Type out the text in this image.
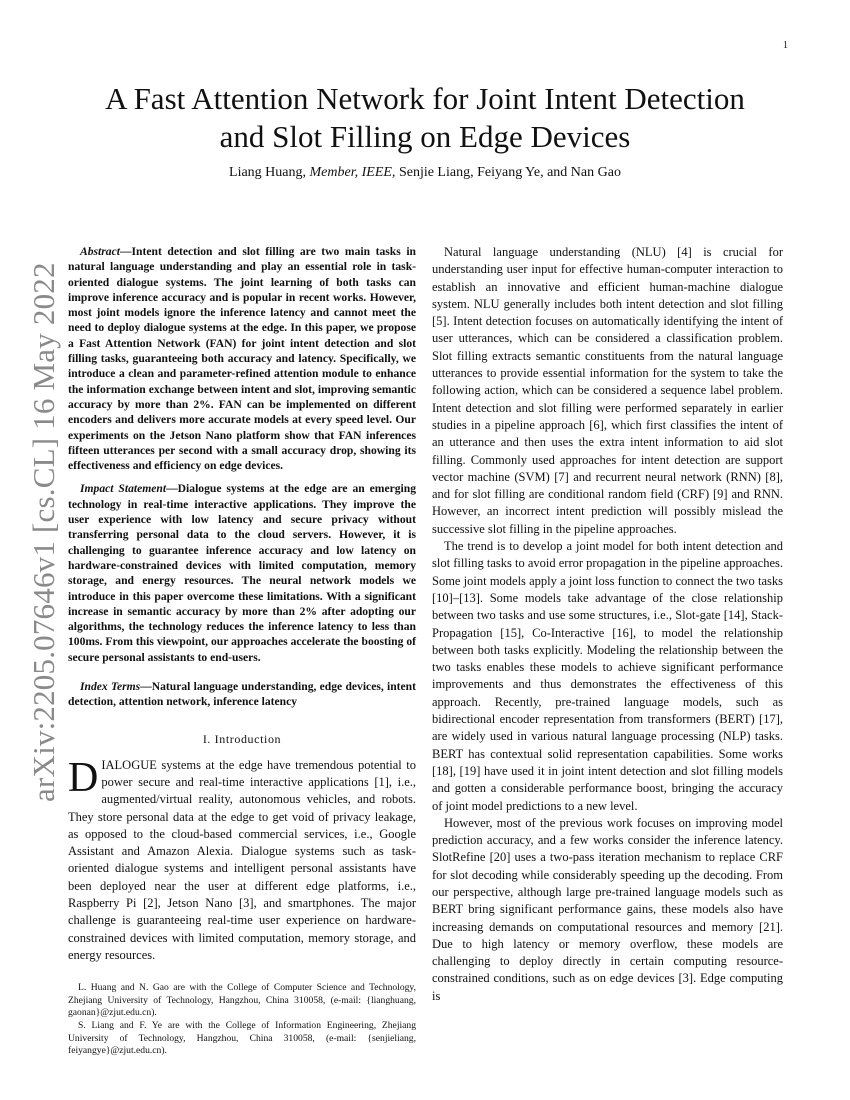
1
arXiv:2205.07646v1 [cs.CL] 16 May 2022
A Fast Attention Network for Joint Intent Detection
and Slot Filling on Edge Devices
Liang Huang, Member, IEEE, Senjie Liang, Feiyang Ye, and Nan Gao

Abstract—Intent detection and slot filling are two main tasks in natural language understanding and play an essential role in task-oriented dialogue systems. The joint learning of both tasks can improve inference accuracy and is popular in recent works. However, most joint models ignore the inference latency and cannot meet the need to deploy dialogue systems at the edge. In this paper, we propose a Fast Attention Network (FAN) for joint intent detection and slot filling tasks, guaranteeing both accuracy and latency. Specifically, we introduce a clean and parameter-refined attention module to enhance the information exchange between intent and slot, improving semantic accuracy by more than 2%. FAN can be implemented on different encoders and delivers more accurate models at every speed level. Our experiments on the Jetson Nano platform show that FAN inferences fifteen utterances per second with a small accuracy drop, showing its effectiveness and efficiency on edge devices.

Impact Statement—Dialogue systems at the edge are an emerging technology in real-time interactive applications. They improve the user experience with low latency and secure privacy without transferring personal data to the cloud servers. However, it is challenging to guarantee inference accuracy and low latency on hardware-constrained devices with limited computation, memory storage, and energy resources. The neural network models we introduce in this paper overcome these limitations. With a significant increase in semantic accuracy by more than 2% after adopting our algorithms, the technology reduces the inference latency to less than 100ms. From this viewpoint, our approaches accelerate the boosting of secure personal assistants to end-users.

Index Terms—Natural language understanding, edge devices, intent detection, attention network, inference latency

I. Introduction

DIALOGUE systems at the edge have tremendous potential to power secure and real-time interactive applications [1], i.e., augmented/virtual reality, autonomous vehicles, and robots. They store personal data at the edge to get void of privacy leakage, as opposed to the cloud-based commercial services, i.e., Google Assistant and Amazon Alexia. Dialogue systems such as task-oriented dialogue systems and intelligent personal assistants have been deployed near the user at different edge platforms, i.e., Raspberry Pi [2], Jetson Nano [3], and smartphones. The major challenge is guaranteeing real-time user experience on hardware-constrained devices with limited computation, memory storage, and energy resources.

L. Huang and N. Gao are with the College of Computer Science and Technology, Zhejiang University of Technology, Hangzhou, China 310058, (e-mail: {lianghuang, gaonan}@zjut.edu.cn).

S. Liang and F. Ye are with the College of Information Engineering, Zhejiang University of Technology, Hangzhou, China 310058, (e-mail: {senjieliang, feiyangye}@zjut.edu.cn).

Natural language understanding (NLU) [4] is crucial for understanding user input for effective human-computer interaction to establish an innovative and efficient human-machine dialogue system. NLU generally includes both intent detection and slot filling [5]. Intent detection focuses on automatically identifying the intent of user utterances, which can be considered a classification problem. Slot filling extracts semantic constituents from the natural language utterances to provide essential information for the system to take the following action, which can be considered a sequence label problem. Intent detection and slot filling were performed separately in earlier studies in a pipeline approach [6], which first classifies the intent of an utterance and then uses the extra intent information to aid slot filling. Commonly used approaches for intent detection are support vector machine (SVM) [7] and recurrent neural network (RNN) [8], and for slot filling are conditional random field (CRF) [9] and RNN. However, an incorrect intent prediction will possibly mislead the successive slot filling in the pipeline approaches.

The trend is to develop a joint model for both intent detection and slot filling tasks to avoid error propagation in the pipeline approaches. Some joint models apply a joint loss function to connect the two tasks [10]–[13]. Some models take advantage of the close relationship between two tasks and use some structures, i.e., Slot-gate [14], Stack-Propagation [15], Co-Interactive [16], to model the relationship between both tasks explicitly. Modeling the relationship between the two tasks enables these models to achieve significant performance improvements and thus demonstrates the effectiveness of this approach. Recently, pre-trained language models, such as bidirectional encoder representation from transformers (BERT) [17], are widely used in various natural language processing (NLP) tasks. BERT has contextual solid representation capabilities. Some works [18], [19] have used it in joint intent detection and slot filling models and gotten a considerable performance boost, bringing the accuracy of joint model predictions to a new level.

However, most of the previous work focuses on improving model prediction accuracy, and a few works consider the inference latency. SlotRefine [20] uses a two-pass iteration mechanism to replace CRF for slot decoding while considerably speeding up the decoding. From our perspective, although large pre-trained language models such as BERT bring significant performance gains, these models also have increasing demands on computational resources and memory [21]. Due to high latency or memory overflow, these models are challenging to deploy directly in certain computing resource-constrained conditions, such as on edge devices [3]. Edge computing is
